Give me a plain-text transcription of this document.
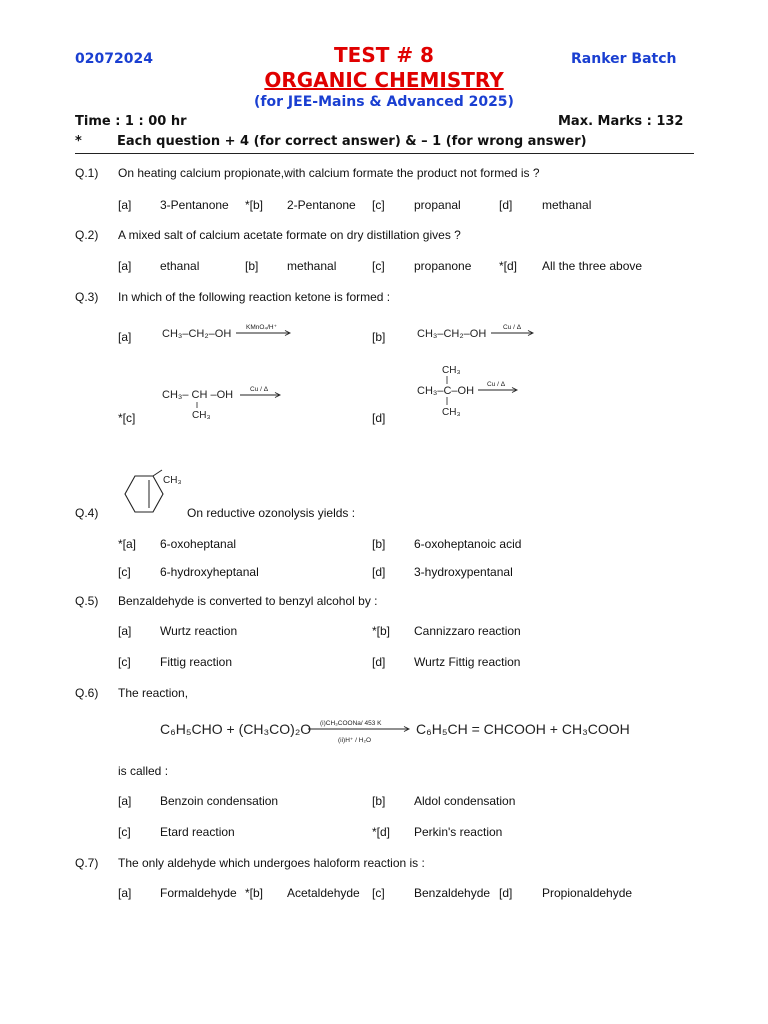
02072024	TEST # 8
ORGANIC CHEMISTRY
(for JEE-Mains & Advanced 2025)
Ranker Batch
Time : 1 : 00 hr	Max. Marks : 132
*	Each question + 4 (for correct answer) & – 1 (for wrong answer)
Q.1) On heating calcium propionate,with calcium formate the product not formed is ?
[a] 3-Pentanone *[b] 2-Pentanone [c] propanal	[d] methanal
Q.2) A mixed salt of calcium acetate formate on dry distillation gives ?
[a] ethanal	[b] methanal	[c] propanone *[d] All the three above
Q.3) In which of the following reaction ketone is formed :
[a]	CH₃–CH₂–OH
KMnO₄/H⁺
[b]	CH₃–CH₂–OH
Cu / Δ
CH₃– CH –OH
CH₃
Cu / Δ
*[c]
CH₃
CH₃–C–OH
CH₃
Cu / Δ
[d]
CH₃
Q.4)	On reductive ozonolysis yields :
*[a] 6-oxoheptanal	[b] 6-oxoheptanoic acid
[c] 6-hydroxyheptanal	[d] 3-hydroxypentanal
Q.5) Benzaldehyde is converted to benzyl alcohol by :
[a] Wurtz reaction	*[b] Cannizzaro reaction
[c] Fittig reaction	[d] Wurtz Fittig reaction
Q.6) The reaction,
C₆H₅CHO + (CH₃CO)₂O (i)CH₃COONa/ 453 K
(ii)H⁺ / H₂O
C₆H₅CH = CHCOOH + CH₃COOH
is called :
[a] Benzoin condensation	[b] Aldol condensation
[c] Etard reaction	*[d] Perkin's reaction
Q.7) The only aldehyde which undergoes haloform reaction is :
[a] Formaldehyde *[b] Acetaldehyde [c] Benzaldehyde [d] Propionaldehyde
